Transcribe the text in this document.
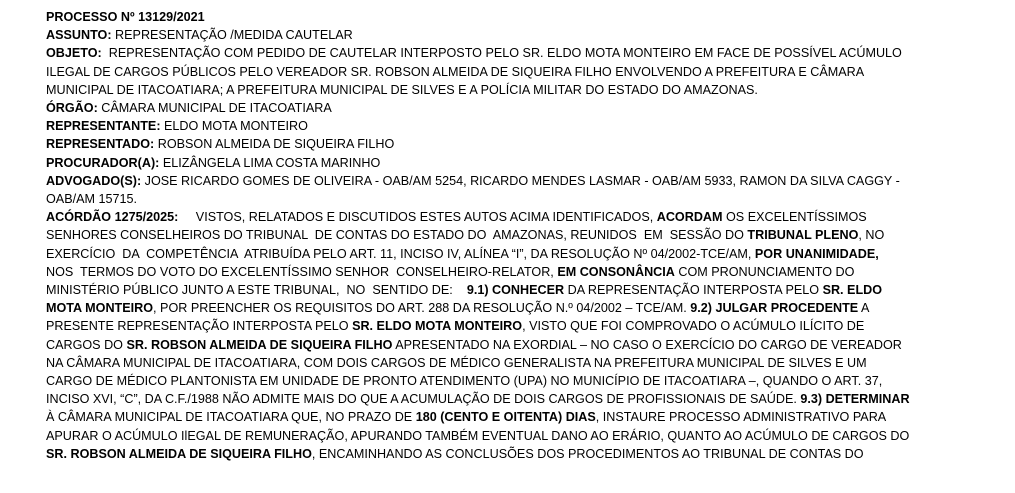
PROCESSO Nº 13129/2021
ASSUNTO: REPRESENTAÇÃO /MEDIDA CAUTELAR
OBJETO: REPRESENTAÇÃO COM PEDIDO DE CAUTELAR INTERPOSTO PELO SR. ELDO MOTA MONTEIRO EM FACE DE POSSÍVEL ACÚMULO
ILEGAL DE CARGOS PÚBLICOS PELO VEREADOR SR. ROBSON ALMEIDA DE SIQUEIRA FILHO ENVOLVENDO A PREFEITURA E CÂMARA
MUNICIPAL DE ITACOATIARA; A PREFEITURA MUNICIPAL DE SILVES E A POLÍCIA MILITAR DO ESTADO DO AMAZONAS.
ÓRGÃO: CÂMARA MUNICIPAL DE ITACOATIARA
REPRESENTANTE: ELDO MOTA MONTEIRO
REPRESENTADO: ROBSON ALMEIDA DE SIQUEIRA FILHO
PROCURADOR(A): ELIZÂNGELA LIMA COSTA MARINHO
ADVOGADO(S): JOSE RICARDO GOMES DE OLIVEIRA - OAB/AM 5254, RICARDO MENDES LASMAR - OAB/AM 5933, RAMON DA SILVA CAGGY -
OAB/AM 15715.
ACÓRDÃO 1275/2025: VISTOS, RELATADOS E DISCUTIDOS ESTES AUTOS ACIMA IDENTIFICADOS, ACORDAM OS EXCELENTÍSSIMOS
SENHORES CONSELHEIROS DO TRIBUNAL  DE CONTAS DO ESTADO DO  AMAZONAS, REUNIDOS  EM  SESSÃO DO TRIBUNAL PLENO, NO
EXERCÍCIO  DA  COMPETÊNCIA  ATRIBUÍDA PELO ART. 11, INCISO IV, ALÍNEA “I”, DA RESOLUÇÃO Nº 04/2002-TCE/AM, POR UNANIMIDADE,
NOS  TERMOS DO VOTO DO EXCELENTÍSSIMO SENHOR  CONSELHEIRO-RELATOR, EM CONSONÂNCIA COM PRONUNCIAMENTO DO
MINISTÉRIO PÚBLICO JUNTO A ESTE TRIBUNAL,  NO  SENTIDO DE: 9.1) CONHECER DA REPRESENTAÇÃO INTERPOSTA PELO SR. ELDO
MOTA MONTEIRO, POR PREENCHER OS REQUISITOS DO ART. 288 DA RESOLUÇÃO N.º 04/2002 – TCE/AM. 9.2) JULGAR PROCEDENTE A
PRESENTE REPRESENTAÇÃO INTERPOSTA PELO SR. ELDO MOTA MONTEIRO, VISTO QUE FOI COMPROVADO O ACÚMULO ILÍCITO DE
CARGOS DO SR. ROBSON ALMEIDA DE SIQUEIRA FILHO APRESENTADO NA EXORDIAL – NO CASO O EXERCÍCIO DO CARGO DE VEREADOR
NA CÂMARA MUNICIPAL DE ITACOATIARA, COM DOIS CARGOS DE MÉDICO GENERALISTA NA PREFEITURA MUNICIPAL DE SILVES E UM
CARGO DE MÉDICO PLANTONISTA EM UNIDADE DE PRONTO ATENDIMENTO (UPA) NO MUNICÍPIO DE ITACOATIARA –, QUANDO O ART. 37,
INCISO XVI, “C”, DA C.F./1988 NÃO ADMITE MAIS DO QUE A ACUMULAÇÃO DE DOIS CARGOS DE PROFISSIONAIS DE SAÚDE. 9.3) DETERMINAR
À CÂMARA MUNICIPAL DE ITACOATIARA QUE, NO PRAZO DE 180 (CENTO E OITENTA) DIAS, INSTAURE PROCESSO ADMINISTRATIVO PARA
APURAR O ACÚMULO IlEGAL DE REMUNERAÇÃO, APURANDO TAMBÉM EVENTUAL DANO AO ERÁRIO, QUANTO AO ACÚMULO DE CARGOS DO
SR. ROBSON ALMEIDA DE SIQUEIRA FILHO, ENCAMINHANDO AS CONCLUSÕES DOS PROCEDIMENTOS AO TRIBUNAL DE CONTAS DO
